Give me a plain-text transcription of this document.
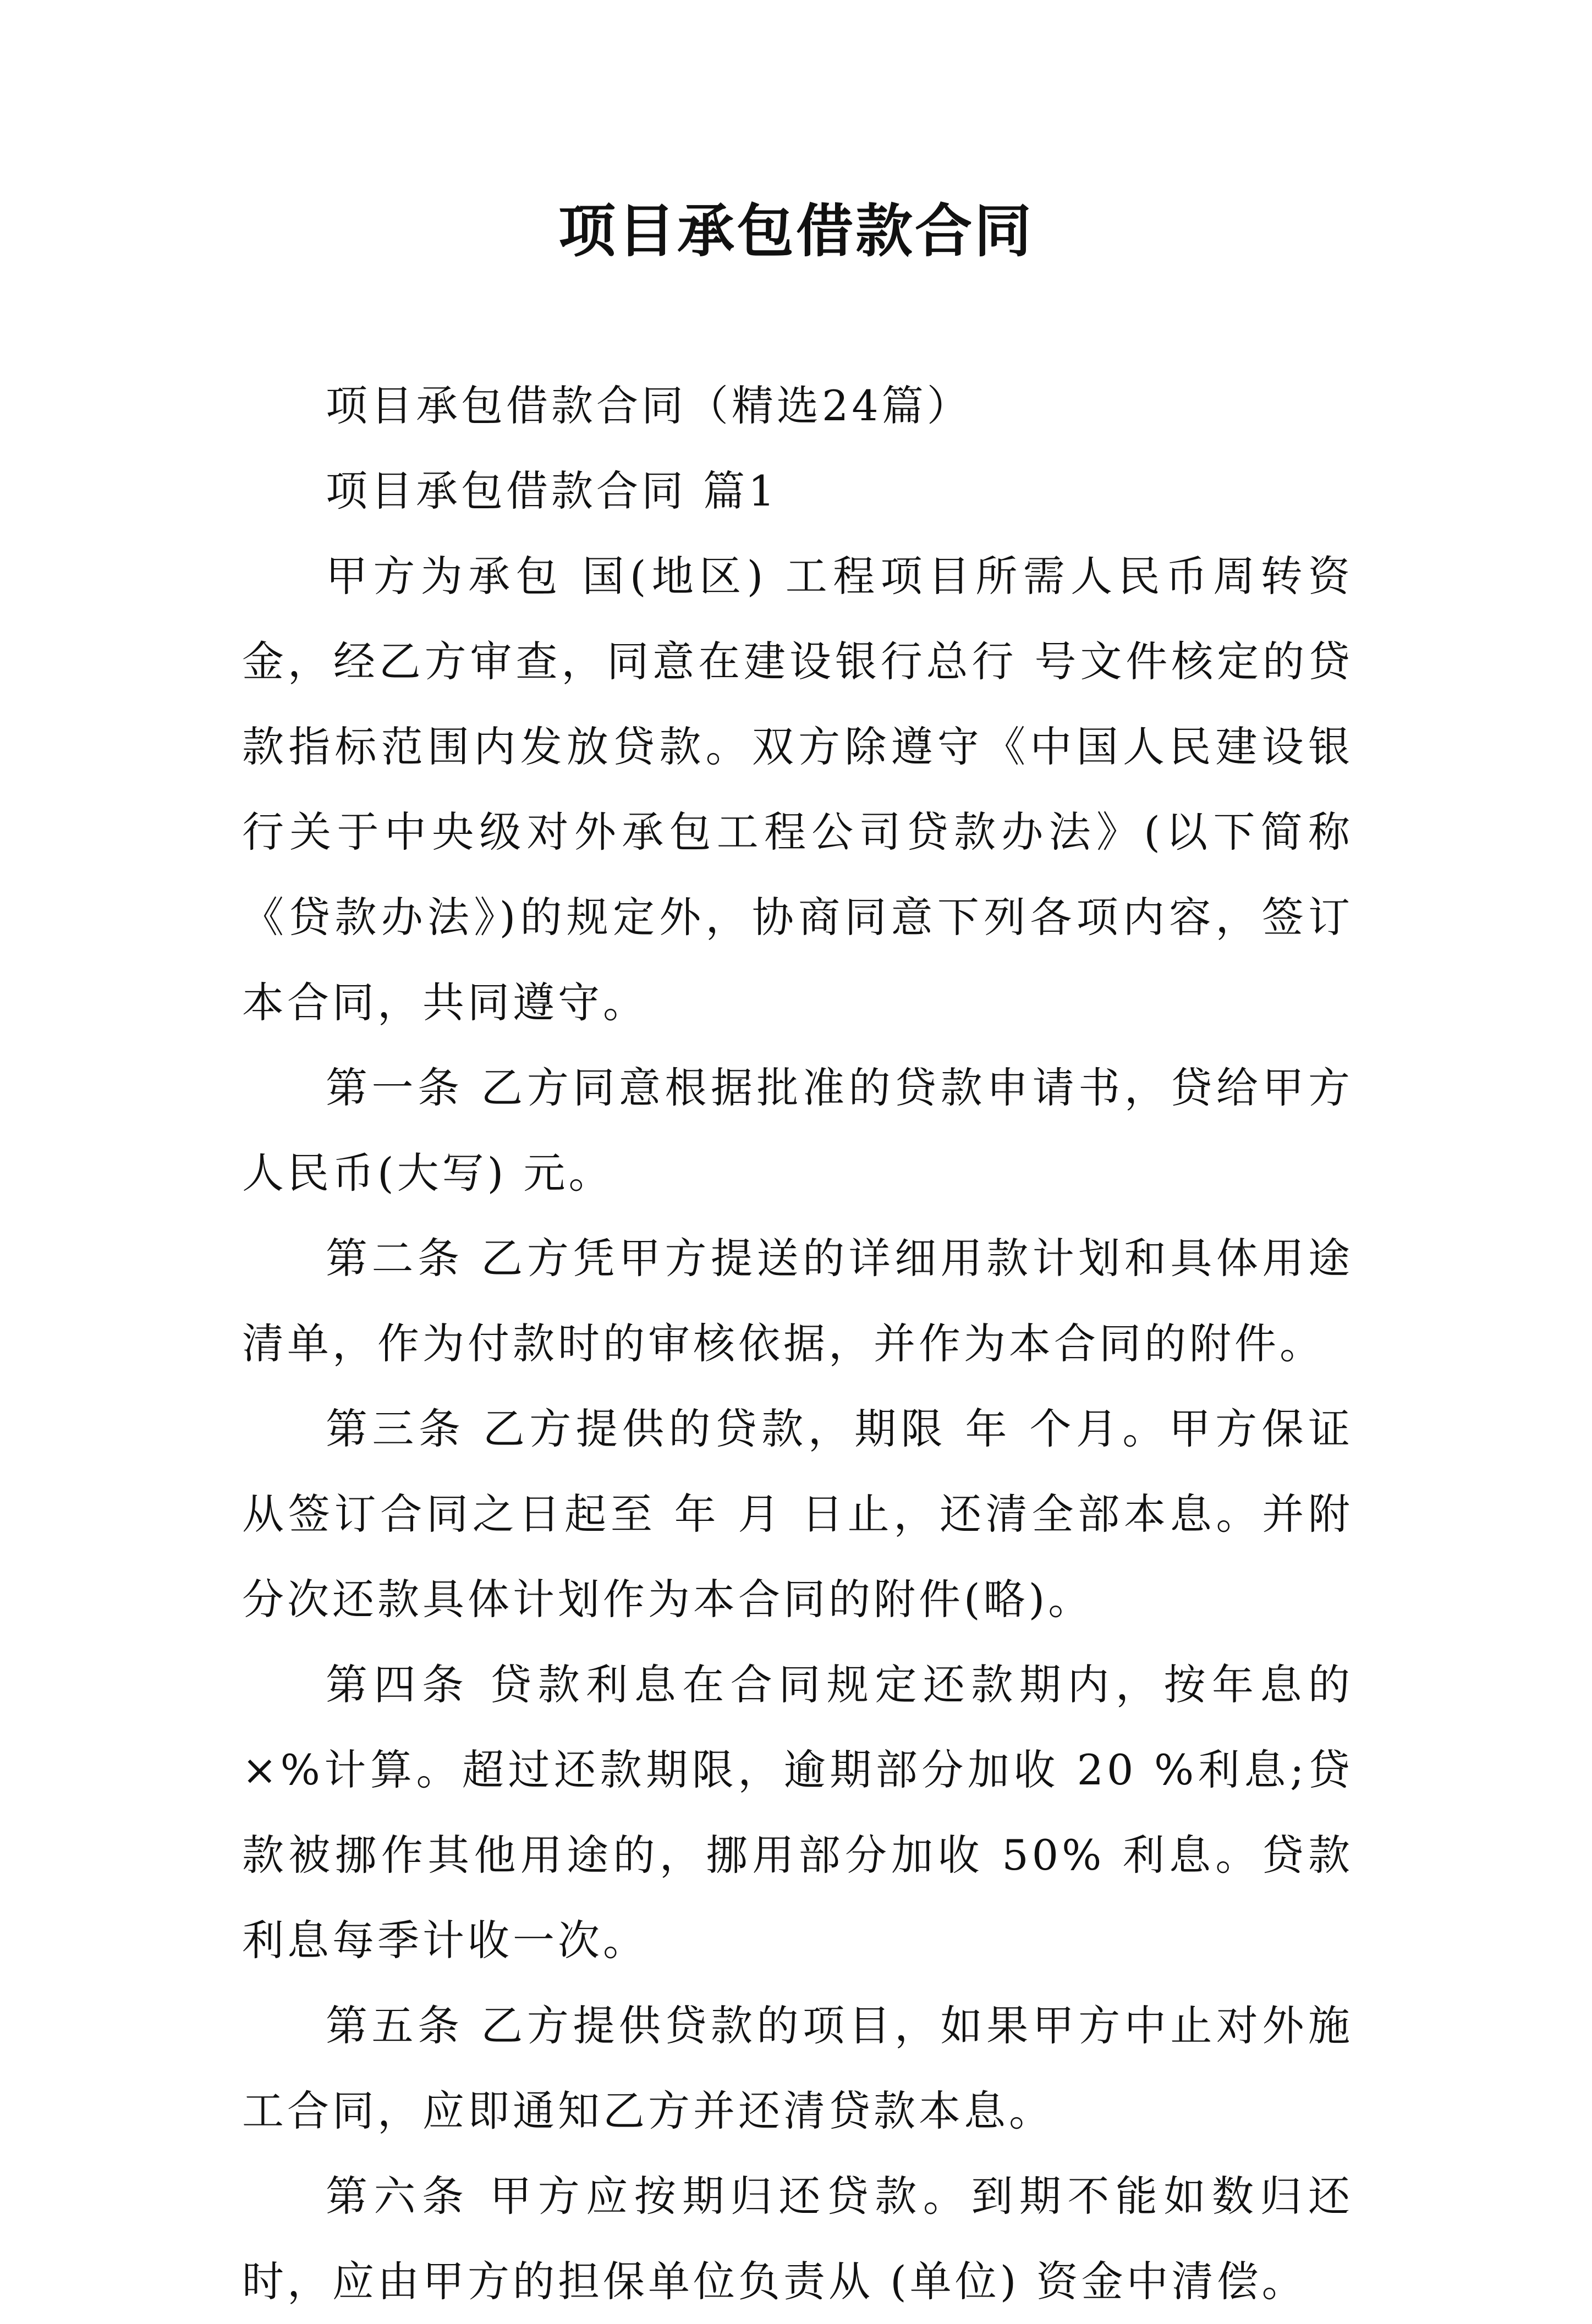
项目承包借款合同

项目承包借款合同（精选24篇）

项目承包借款合同 篇1

甲方为承包 国(地区) 工程项目所需人民币周转资金，经乙方审查，同意在建设银行总行 号文件核定的贷款指标范围内发放贷款。双方除遵守《中国人民建设银行关于中央级对外承包工程公司贷款办法》(以下简称《贷款办法》)的规定外，协商同意下列各项内容，签订本合同，共同遵守。

第一条 乙方同意根据批准的贷款申请书，贷给甲方人民币(大写) 元。

第二条 乙方凭甲方提送的详细用款计划和具体用途清单，作为付款时的审核依据，并作为本合同的附件。

第三条 乙方提供的贷款，期限 年 个月。甲方保证从签订合同之日起至 年 月 日止，还清全部本息。并附分次还款具体计划作为本合同的附件(略)。

第四条 贷款利息在合同规定还款期内，按年息的×%计算。超过还款期限，逾期部分加收 20 %利息;贷款被挪作其他用途的，挪用部分加收 50% 利息。贷款利息每季计收一次。

第五条 乙方提供贷款的项目，如果甲方中止对外施工合同，应即通知乙方并还清贷款本息。

第六条 甲方应按期归还贷款。到期不能如数归还时，应由甲方的担保单位负责从 (单位) 资金中清偿。
